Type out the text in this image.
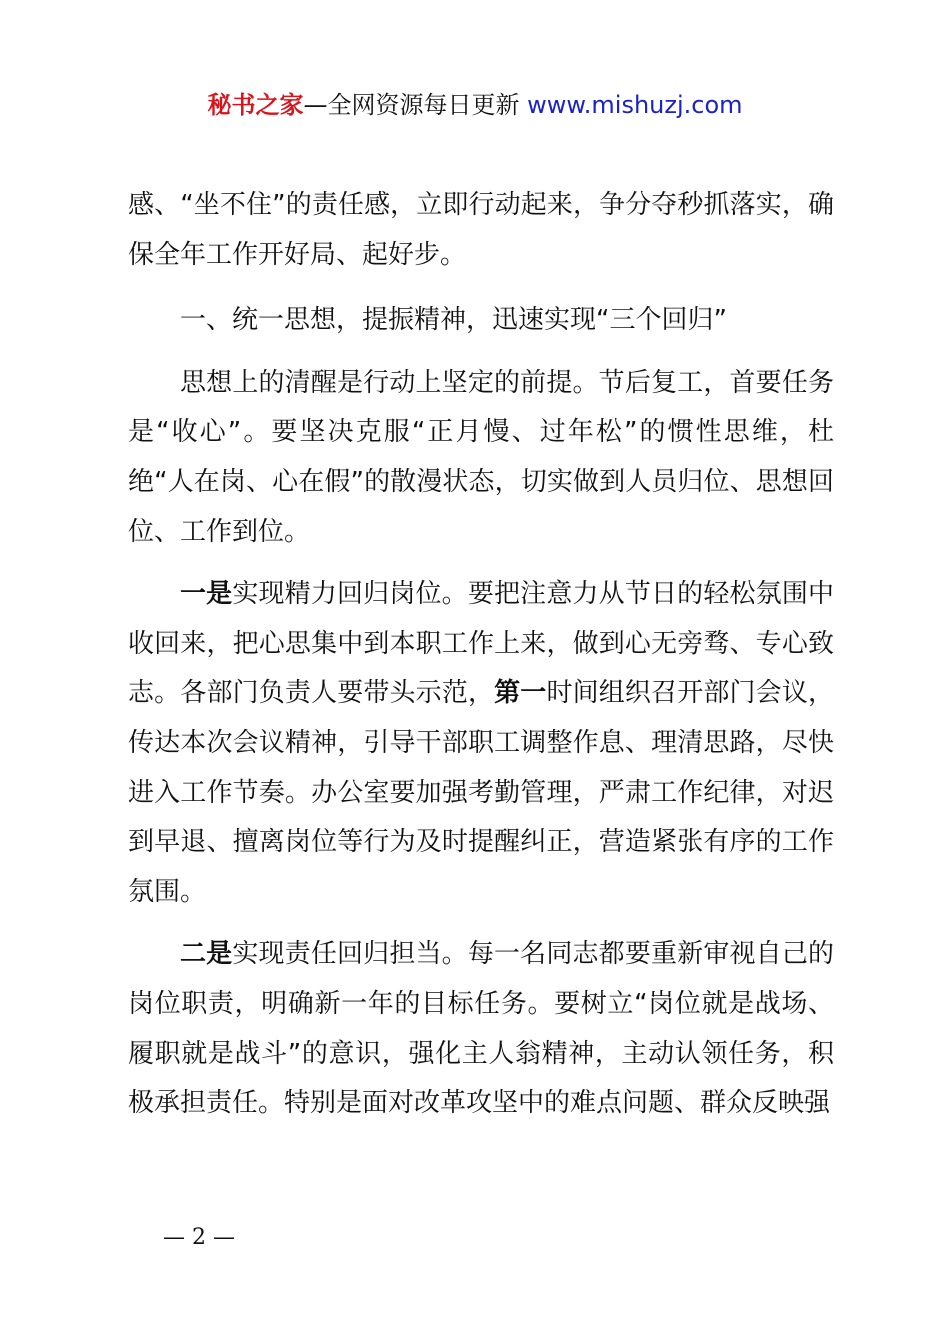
秘书之家—全网资源每日更新 www.mishuzj.com

感、“坐不住”的责任感，立即行动起来，争分夺秒抓落实，确保全年工作开好局、起好步。

一、统一思想，提振精神，迅速实现“三个回归”

思想上的清醒是行动上坚定的前提。节后复工，首要任务是“收心”。要坚决克服“正月慢、过年松”的惯性思维，杜绝“人在岗、心在假”的散漫状态，切实做到人员归位、思想回位、工作到位。

一是实现精力回归岗位。要把注意力从节日的轻松氛围中收回来，把心思集中到本职工作上来，做到心无旁骛、专心致志。各部门负责人要带头示范，第一时间组织召开部门会议，传达本次会议精神，引导干部职工调整作息、理清思路，尽快进入工作节奏。办公室要加强考勤管理，严肃工作纪律，对迟到早退、擅离岗位等行为及时提醒纠正，营造紧张有序的工作氛围。

二是实现责任回归担当。每一名同志都要重新审视自己的岗位职责，明确新一年的目标任务。要树立“岗位就是战场、履职就是战斗”的意识，强化主人翁精神，主动认领任务，积极承担责任。特别是面对改革攻坚中的难点问题、群众反映强

— 2 —
